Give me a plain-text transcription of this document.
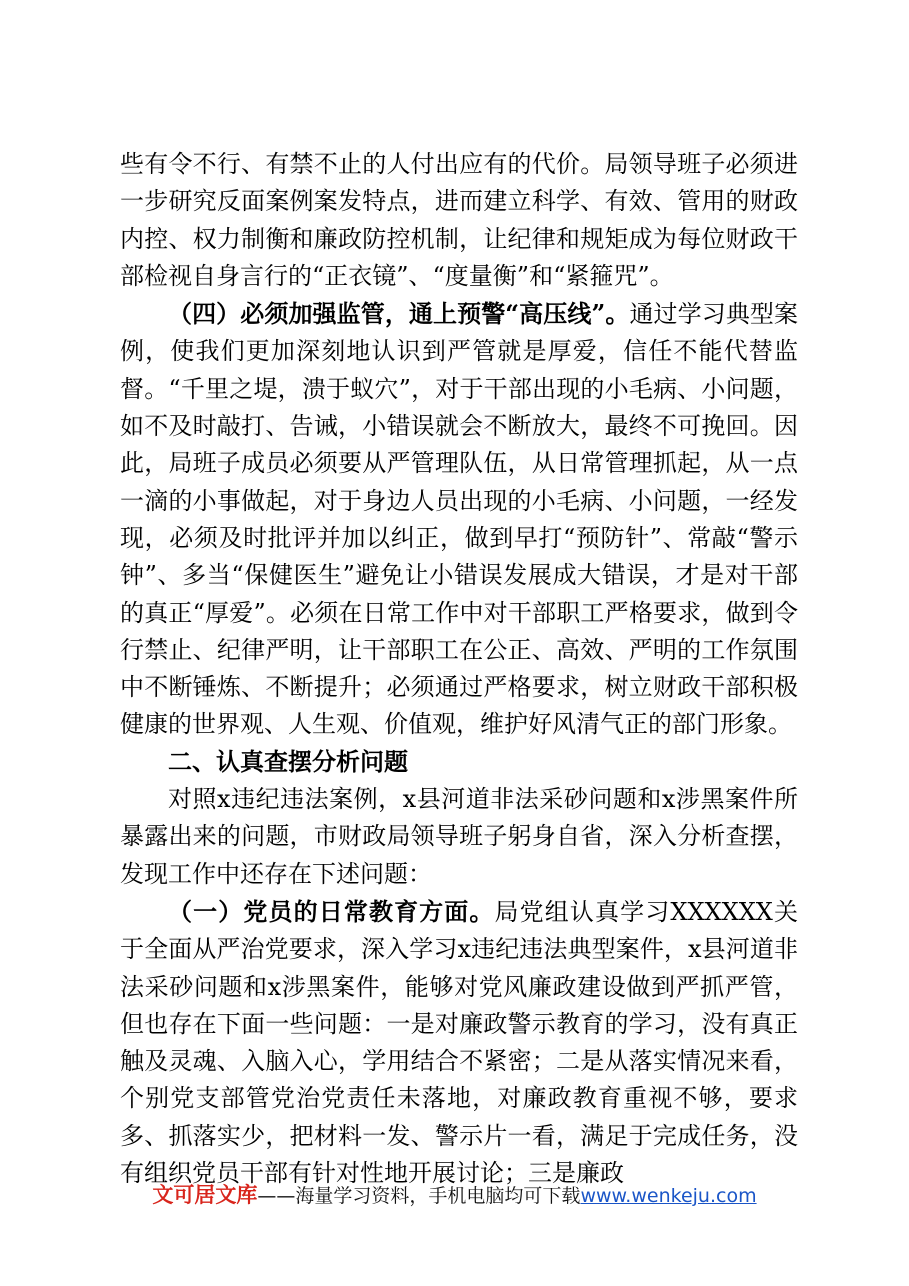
些有令不行、有禁不止的人付出应有的代价。局领导班子必须进一步研究反面案例案发特点，进而建立科学、有效、管用的财政内控、权力制衡和廉政防控机制，让纪律和规矩成为每位财政干部检视自身言行的“正衣镜”、“度量衡”和“紧箍咒”。

（四）必须加强监管，通上预警“高压线”。通过学习典型案例，使我们更加深刻地认识到严管就是厚爱，信任不能代替监督。“千里之堤，溃于蚁穴”，对于干部出现的小毛病、小问题，如不及时敲打、告诫，小错误就会不断放大，最终不可挽回。因此，局班子成员必须要从严管理队伍，从日常管理抓起，从一点一滴的小事做起，对于身边人员出现的小毛病、小问题，一经发现，必须及时批评并加以纠正，做到早打“预防针”、常敲“警示钟”、多当“保健医生”避免让小错误发展成大错误，才是对干部的真正“厚爱”。必须在日常工作中对干部职工严格要求，做到令行禁止、纪律严明，让干部职工在公正、高效、严明的工作氛围中不断锤炼、不断提升；必须通过严格要求，树立财政干部积极健康的世界观、人生观、价值观，维护好风清气正的部门形象。

二、认真查摆分析问题

对照x违纪违法案例，x县河道非法采砂问题和x涉黑案件所暴露出来的问题，市财政局领导班子躬身自省，深入分析查摆，发现工作中还存在下述问题：

（一）党员的日常教育方面。局党组认真学习XXXXXX关于全面从严治党要求，深入学习x违纪违法典型案件，x县河道非法采砂问题和x涉黑案件，能够对党风廉政建设做到严抓严管，但也存在下面一些问题：一是对廉政警示教育的学习，没有真正触及灵魂、入脑入心，学用结合不紧密；二是从落实情况来看，个别党支部管党治党责任未落地，对廉政教育重视不够，要求多、抓落实少，把材料一发、警示片一看，满足于完成任务，没有组织党员干部有针对性地开展讨论；三是廉政

文可居文库——海量学习资料，手机电脑均可下载www.wenkeju.com
